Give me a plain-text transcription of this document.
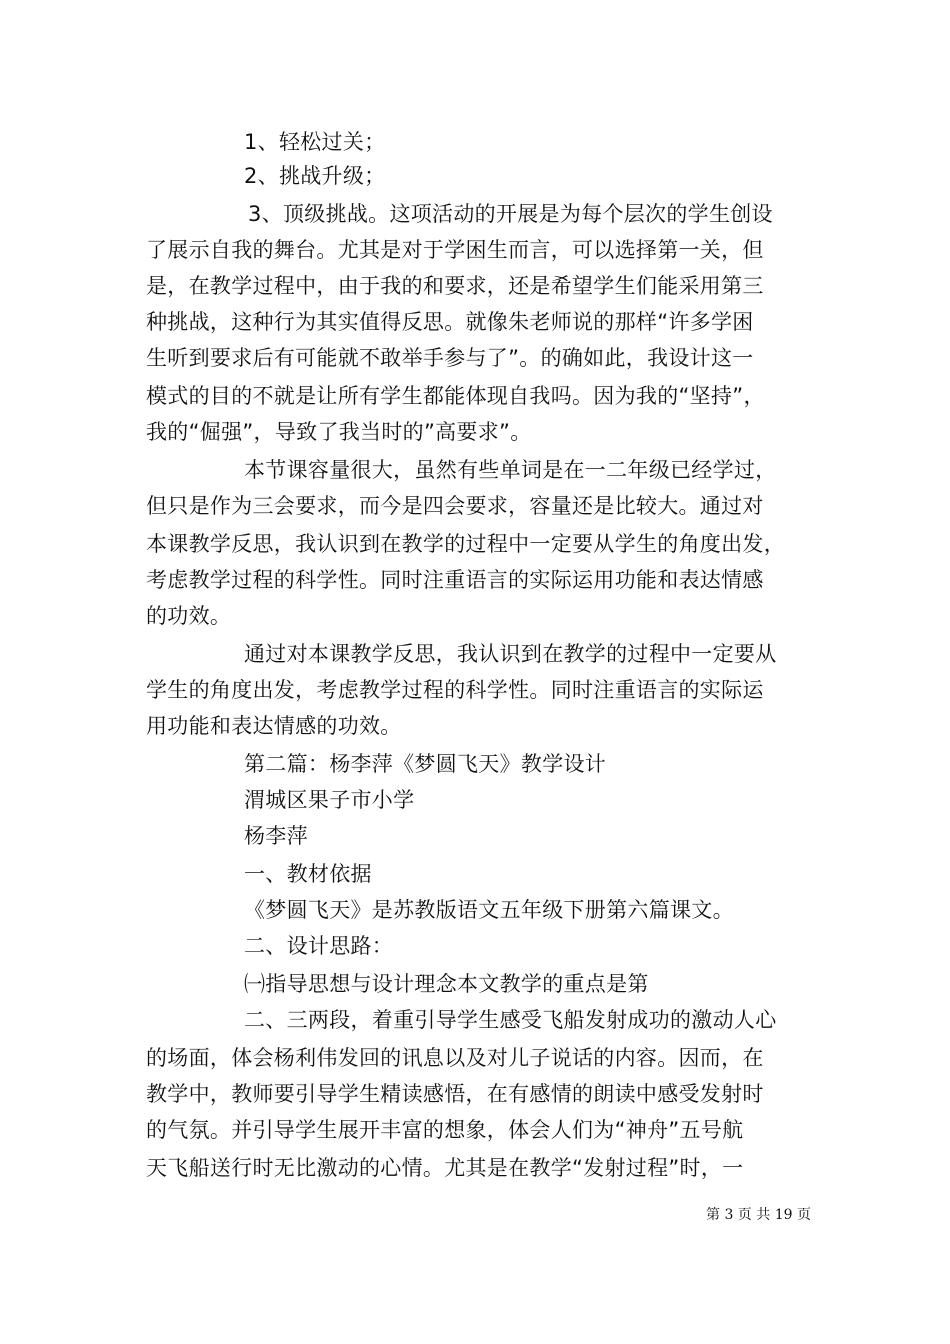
1、轻松过关；
2、挑战升级；
3、顶级挑战。这项活动的开展是为每个层次的学生创设
了展示自我的舞台。尤其是对于学困生而言，可以选择第一关，但
是，在教学过程中，由于我的和要求，还是希望学生们能采用第三
种挑战，这种行为其实值得反思。就像朱老师说的那样“许多学困
生听到要求后有可能就不敢举手参与了”。的确如此，我设计这一
模式的目的不就是让所有学生都能体现自我吗。因为我的“坚持”，
我的“倔强”，导致了我当时的”高要求”。
本节课容量很大，虽然有些单词是在一二年级已经学过，
但只是作为三会要求，而今是四会要求，容量还是比较大。通过对
本课教学反思，我认识到在教学的过程中一定要从学生的角度出发，
考虑教学过程的科学性。同时注重语言的实际运用功能和表达情感
的功效。
通过对本课教学反思，我认识到在教学的过程中一定要从
学生的角度出发，考虑教学过程的科学性。同时注重语言的实际运
用功能和表达情感的功效。
第二篇：杨李萍《梦圆飞天》教学设计
渭城区果子市小学
杨李萍
一、教材依据
《梦圆飞天》是苏教版语文五年级下册第六篇课文。
二、设计思路：
㈠指导思想与设计理念本文教学的重点是第
二、三两段，着重引导学生感受飞船发射成功的激动人心
的场面，体会杨利伟发回的讯息以及对儿子说话的内容。因而，在
教学中，教师要引导学生精读感悟，在有感情的朗读中感受发射时
的气氛。并引导学生展开丰富的想象，体会人们为“神舟”五号航
天飞船送行时无比激动的心情。尤其是在教学“发射过程”时，一
第 3 页 共 19 页
